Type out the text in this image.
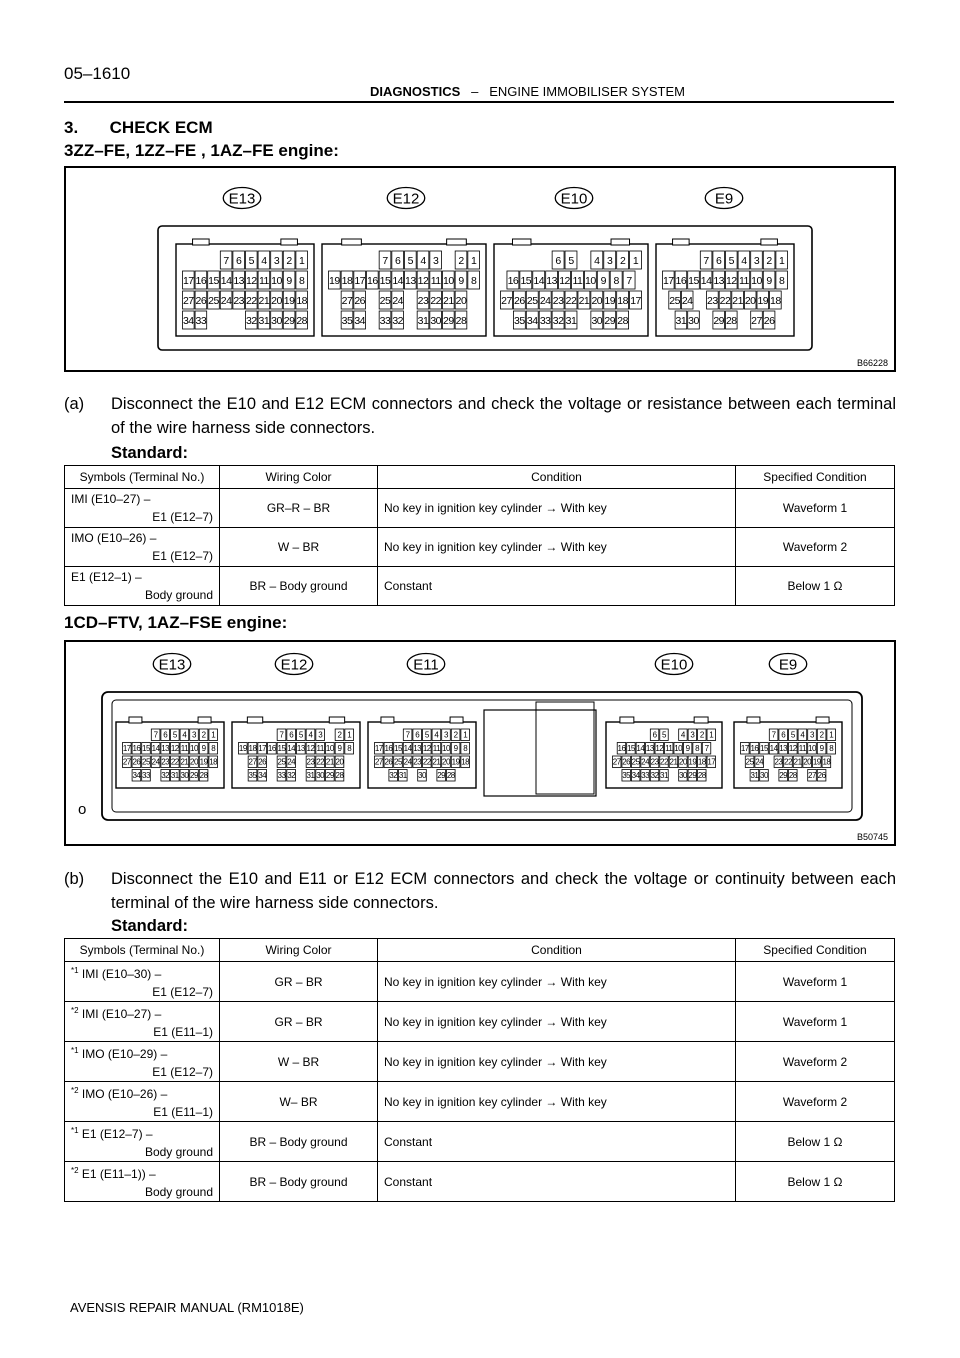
05–1610
DIAGNOSTICS – ENGINE IMMOBILISER SYSTEM
3. CHECK ECM
3ZZ–FE, 1ZZ–FE , 1AZ–FE engine:
E13	E12	E10	E9
7 6 5 4 3 2 1
17 16 15 14 13 12 11 10 9 8
27 26 25 24 23 22 21 20 19 18
34 33	32 31 30 29 28
7 6 5 4 3 2 1
19 18 17 16 15 14 13 12 11 10 9 8
27 26 25 24 23 22 21 20
35 34 33 32 31 30 29 28
6 5 4 3 2 1
16 15 14 13 12 11 10 9 8 7
27 26 25 24 23 22 21 20 19 18 17
35 34 33 32 31 30 29 28
7 6 5 4 3 2 1
17 16 15 14 13 12 11 10 9 8
25 24 23 22 21 20 19 18
31 30 29 28 27 26
B66228
(a) Disconnect the E10 and E12 ECM connectors and check the voltage or resistance between each terminal of the wire harness side connectors.
Standard:
Symbols (Terminal No.)	Wiring Color	Condition	Specified Condition

IMI (E10–27) –
E1 (E12–7)	GR–R – BR	No key in ignition key cylinder → With key	Waveform 1

IMO (E10–26) –
E1 (E12–7)	W – BR	No key in ignition key cylinder → With key	Waveform 2

E1 (E12–1) –
Body ground	BR – Body ground	Constant	Below 1 Ω
1CD–FTV, 1AZ–FSE engine:
E13	E12	E11	E10	E9
7 6 5 4 3 2 1
17 16 15 14 13 12 11 10 9 8
27 26 25 24 23 22 21 20 19 18
34 33 32 31 30 29 28
7 6 5 4 3 2 1
19 18 17 16 15 14 13 12 11 10 9 8
27 26 25 24 23 22 21 20
35 34 33 32 31 30 29 28
7 6 5 4 3 2 1
17 16 15 14 13 12 11 10 9 8
27 26 25 24 23 22 21 20 19 18
32 31 30 29 28
6 5 4 3 2 1
16 15 14 13 12 11 10 9 8 7
27 26 25 24 23 22 21 20 19 18 17
35 34 33 32 31 30 29 28
7 6 5 4 3 2 1
17 16 15 14 13 12 11 10 9 8
25 24 23 22 21 20 19 18
31 30 29 28 27 26
o
B50745
(b) Disconnect the E10 and E11 or E12 ECM connectors and check the voltage or continuity between each terminal of the wire harness side connectors.
Standard:
Symbols (Terminal No.)	Wiring Color	Condition	Specified Condition

$^{*1}$ IMI (E10–30) –
E1 (E12–7)	GR – BR	No key in ignition key cylinder → With key	Waveform 1

$^{*2}$ IMI (E10–27) –
E1 (E11–1)	GR – BR	No key in ignition key cylinder → With key	Waveform 1

$^{*1}$ IMO (E10–29) –
E1 (E12–7)	W – BR	No key in ignition key cylinder → With key	Waveform 2

$^{*2}$ IMO (E10–26) –
E1 (E11–1)	W– BR	No key in ignition key cylinder → With key	Waveform 2

$^{*1}$ E1 (E12–7) –
Body ground	BR – Body ground	Constant	Below 1 Ω

$^{*2}$ E1 (E11–1)) –
Body ground	BR – Body ground	Constant	Below 1 Ω
AVENSIS REPAIR MANUAL (RM1018E)
